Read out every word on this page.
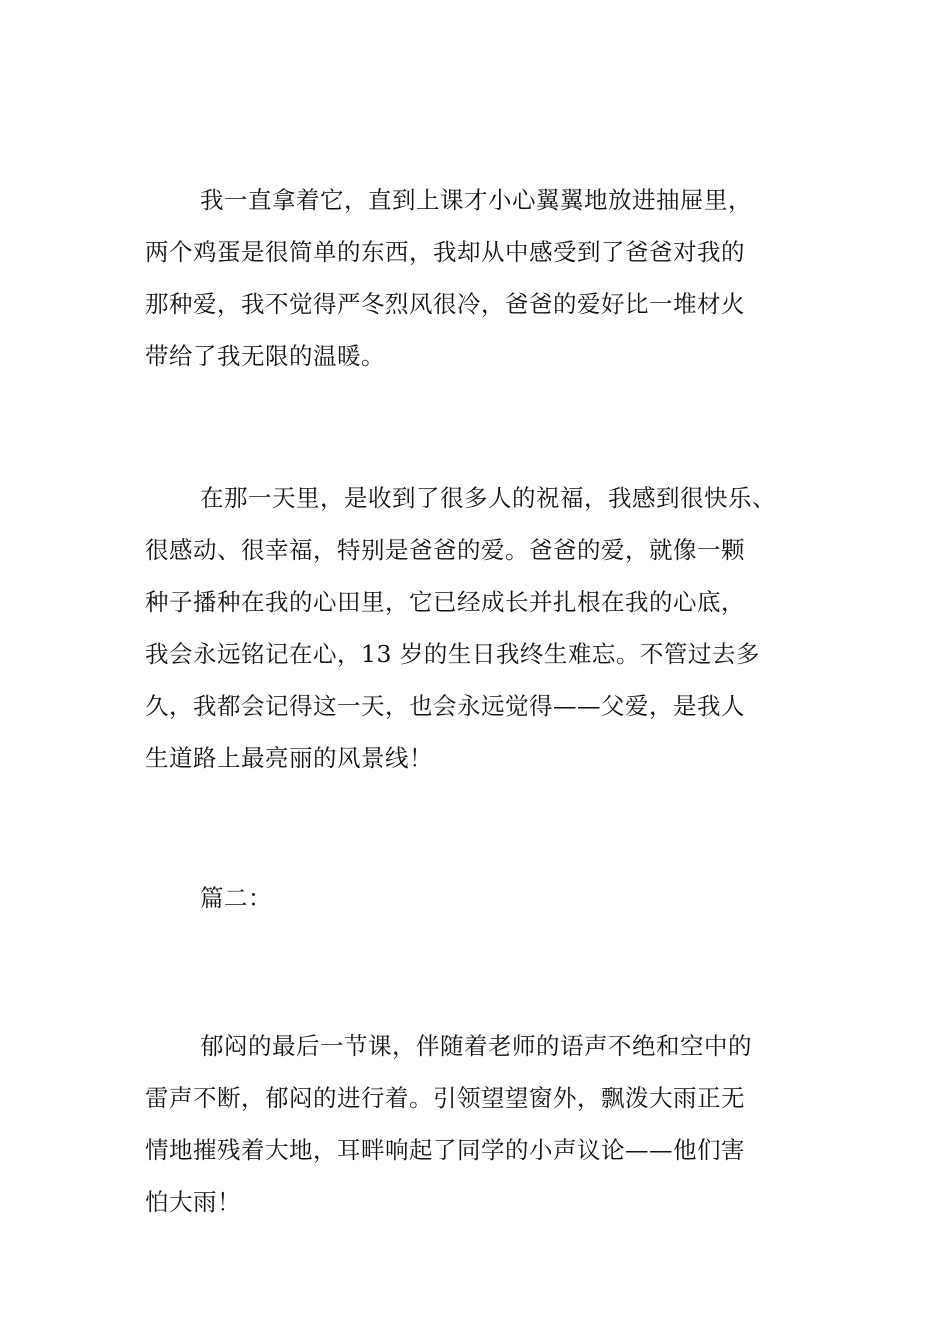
我一直拿着它，直到上课才小心翼翼地放进抽屉里，
两个鸡蛋是很简单的东西，我却从中感受到了爸爸对我的
那种爱，我不觉得严冬烈风很冷，爸爸的爱好比一堆材火
带给了我无限的温暖。
在那一天里，是收到了很多人的祝福，我感到很快乐、
很感动、很幸福，特别是爸爸的爱。爸爸的爱，就像一颗
种子播种在我的心田里，它已经成长并扎根在我的心底，
我会永远铭记在心，13 岁的生日我终生难忘。不管过去多
久，我都会记得这一天，也会永远觉得——父爱，是我人
生道路上最亮丽的风景线！
篇二：
郁闷的最后一节课，伴随着老师的语声不绝和空中的
雷声不断，郁闷的进行着。引领望望窗外，飘泼大雨正无
情地摧残着大地，耳畔响起了同学的小声议论——他们害
怕大雨！
